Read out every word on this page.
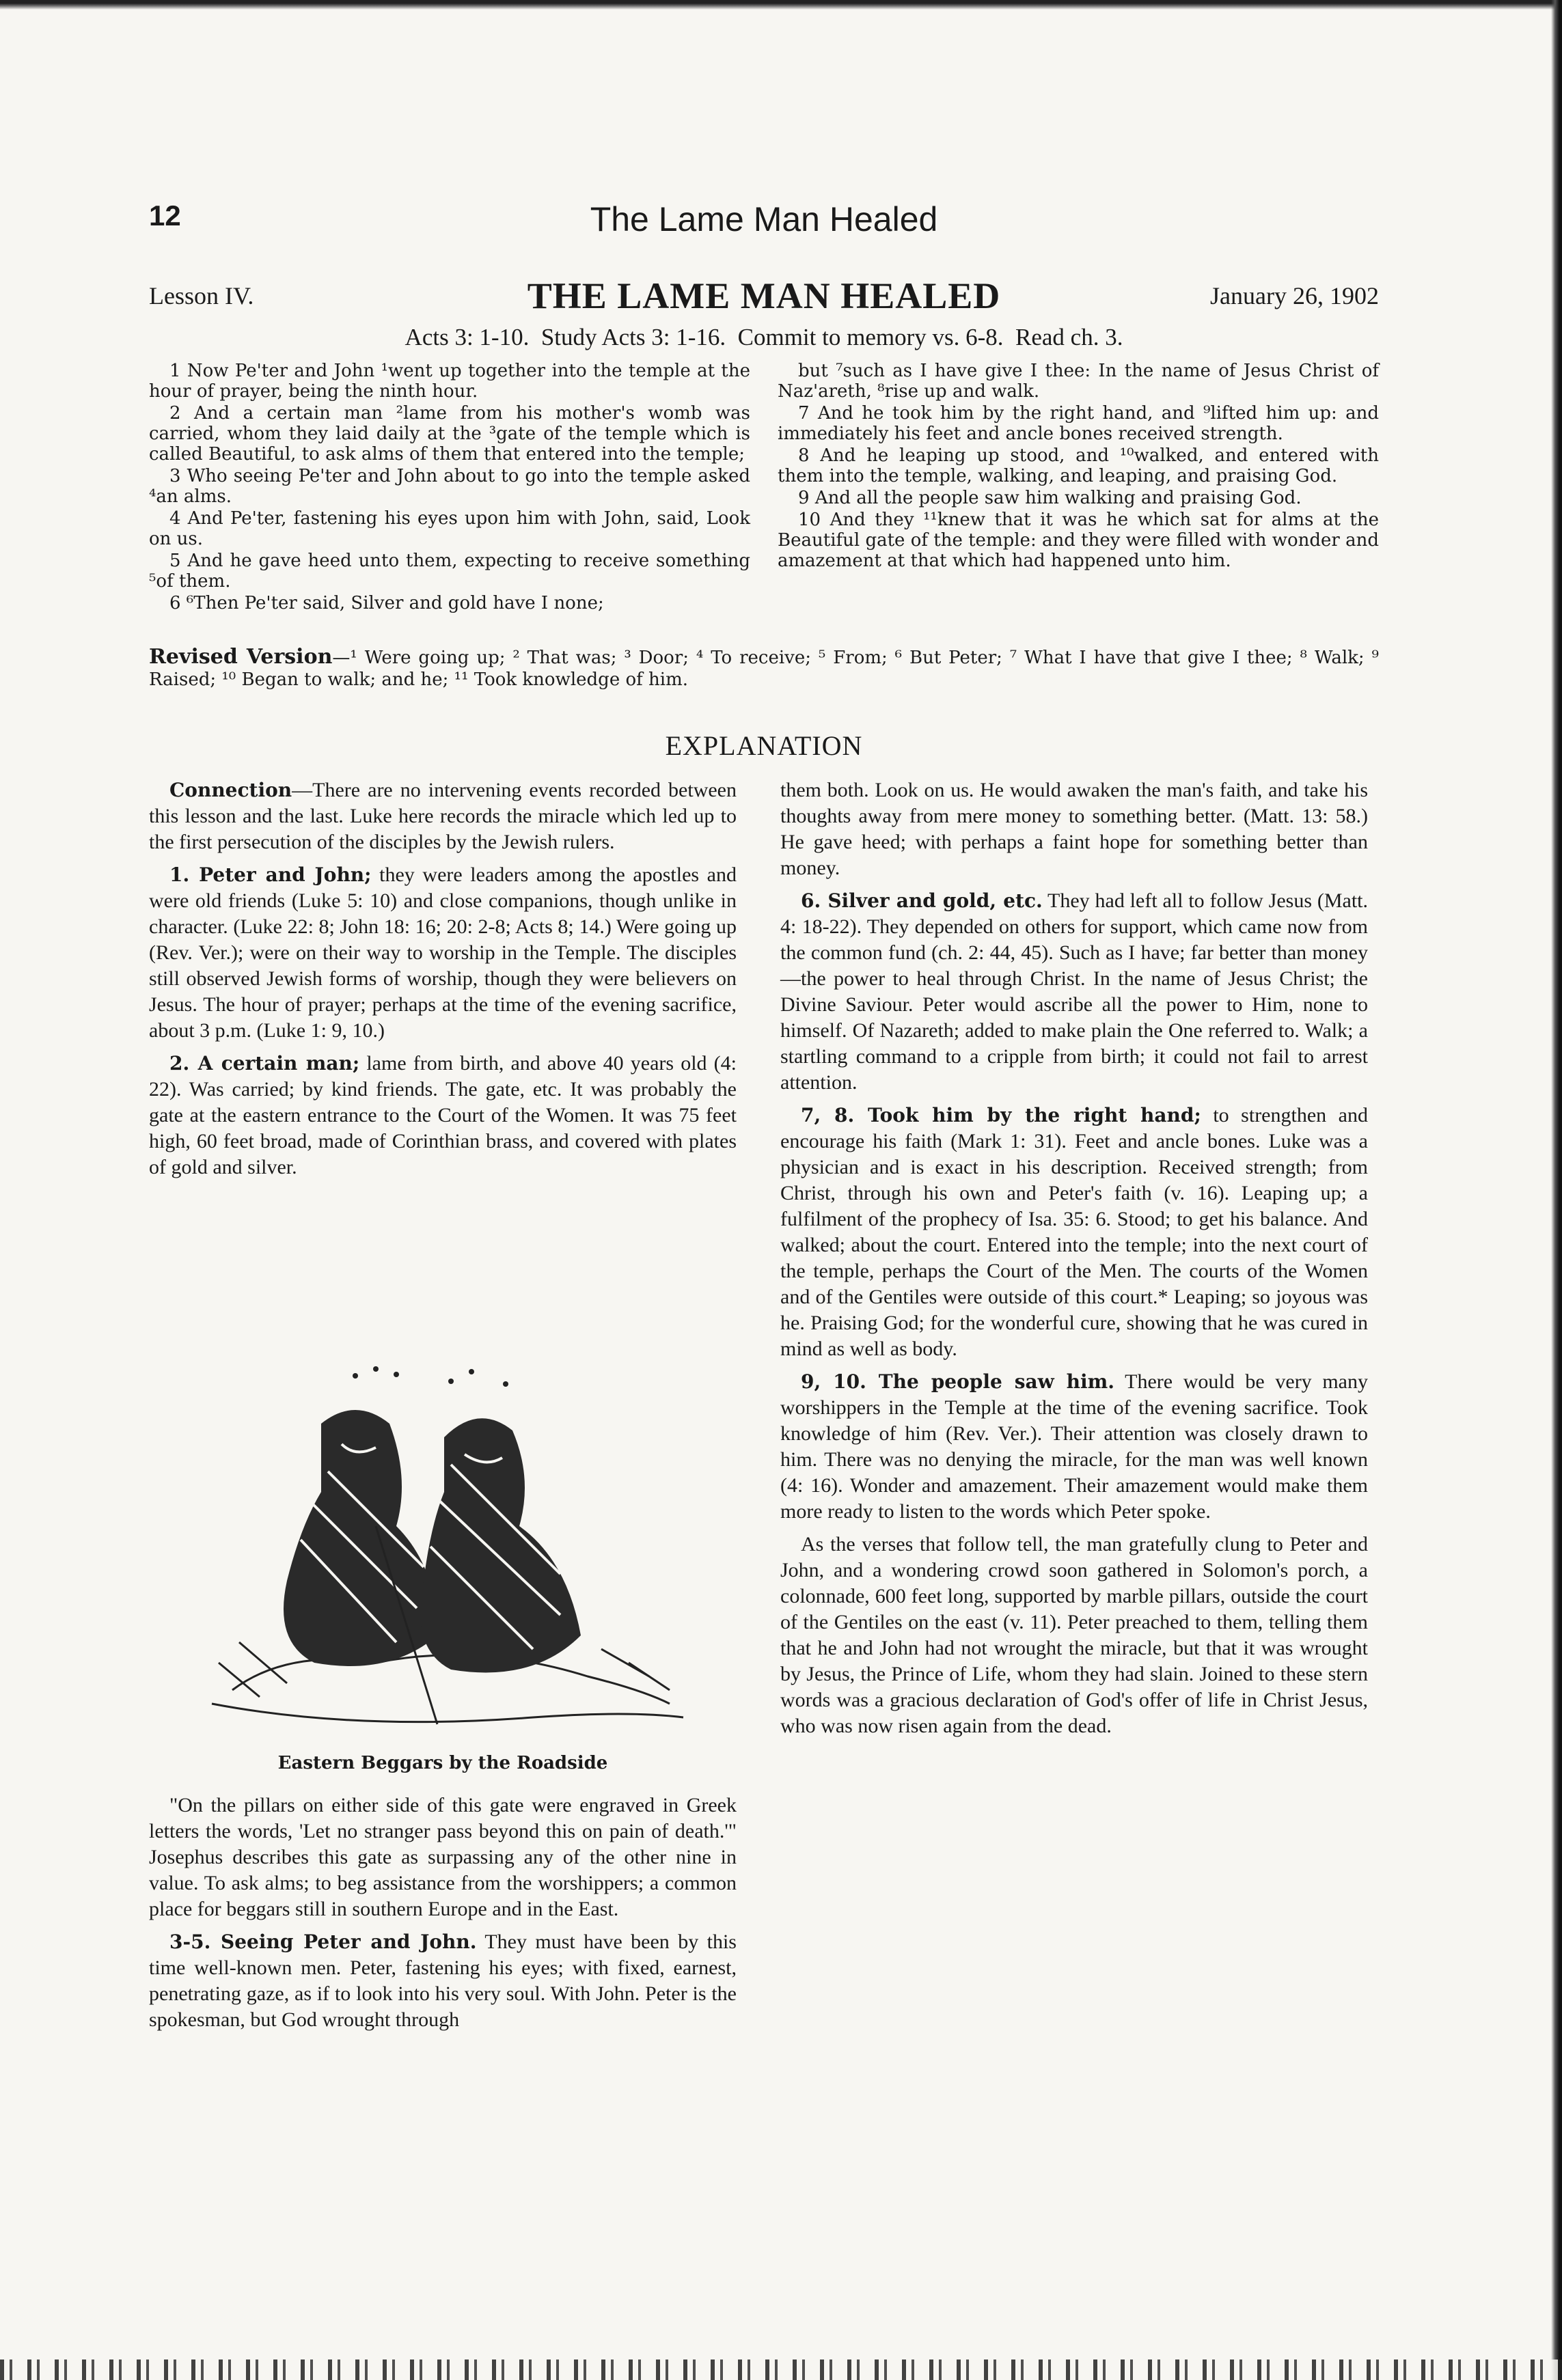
12	The Lame Man Healed
Lesson IV.	THE LAME MAN HEALED	January 26, 1902
Acts 3: 1-10.  Study Acts 3: 1-16.  Commit to memory vs. 6-8.  Read ch. 3.

1 Now Pe'ter and John ¹went up together into the temple at the hour of prayer, being the ninth hour.

2 And a certain man ²lame from his mother's womb was carried, whom they laid daily at the ³gate of the temple which is called Beautiful, to ask alms of them that entered into the temple;

3 Who seeing Pe'ter and John about to go into the temple asked ⁴an alms.

4 And Pe'ter, fastening his eyes upon him with John, said, Look on us.

5 And he gave heed unto them, expecting to receive something ⁵of them.

6 ⁶Then Pe'ter said, Silver and gold have I none;

but ⁷such as I have give I thee: In the name of Jesus Christ of Naz'areth, ⁸rise up and walk.

7 And he took him by the right hand, and ⁹lifted him up: and immediately his feet and ancle bones received strength.

8 And he leaping up stood, and ¹⁰walked, and entered with them into the temple, walking, and leaping, and praising God.

9 And all the people saw him walking and praising God.

10 And they ¹¹knew that it was he which sat for alms at the Beautiful gate of the temple: and they were filled with wonder and amazement at that which had happened unto him.

Revised Version—¹ Were going up; ² That was; ³ Door; ⁴ To receive; ⁵ From; ⁶ But Peter; ⁷ What I have that give I thee; ⁸ Walk; ⁹ Raised; ¹⁰ Began to walk; and he; ¹¹ Took knowledge of him.
EXPLANATION

Connection—There are no intervening events recorded between this lesson and the last. Luke here records the miracle which led up to the first persecution of the disciples by the Jewish rulers.

1. Peter and John; they were leaders among the apostles and were old friends (Luke 5: 10) and close companions, though unlike in character. (Luke 22: 8; John 18: 16; 20: 2-8; Acts 8; 14.) Were going up (Rev. Ver.); were on their way to worship in the Temple. The disciples still observed Jewish forms of worship, though they were believers on Jesus. The hour of prayer; perhaps at the time of the evening sacrifice, about 3 p.m. (Luke 1: 9, 10.)

2. A certain man; lame from birth, and above 40 years old (4: 22). Was carried; by kind friends. The gate, etc. It was probably the gate at the eastern entrance to the Court of the Women. It was 75 feet high, 60 feet broad, made of Corinthian brass, and covered with plates of gold and silver.

Eastern Beggars by the Roadside

"On the pillars on either side of this gate were engraved in Greek letters the words, 'Let no stranger pass beyond this on pain of death.'" Josephus describes this gate as surpassing any of the other nine in value. To ask alms; to beg assistance from the worshippers; a common place for beggars still in southern Europe and in the East.

3-5. Seeing Peter and John. They must have been by this time well-known men. Peter, fastening his eyes; with fixed, earnest, penetrating gaze, as if to look into his very soul. With John. Peter is the spokesman, but God wrought through

them both. Look on us. He would awaken the man's faith, and take his thoughts away from mere money to something better. (Matt. 13: 58.) He gave heed; with perhaps a faint hope for something better than money.

6. Silver and gold, etc. They had left all to follow Jesus (Matt. 4: 18-22). They depended on others for support, which came now from the common fund (ch. 2: 44, 45). Such as I have; far better than money—the power to heal through Christ. In the name of Jesus Christ; the Divine Saviour. Peter would ascribe all the power to Him, none to himself. Of Nazareth; added to make plain the One referred to. Walk; a startling command to a cripple from birth; it could not fail to arrest attention.

7, 8. Took him by the right hand; to strengthen and encourage his faith (Mark 1: 31). Feet and ancle bones. Luke was a physician and is exact in his description. Received strength; from Christ, through his own and Peter's faith (v. 16). Leaping up; a fulfilment of the prophecy of Isa. 35: 6. Stood; to get his balance. And walked; about the court. Entered into the temple; into the next court of the temple, perhaps the Court of the Men. The courts of the Women and of the Gentiles were outside of this court.* Leaping; so joyous was he. Praising God; for the wonderful cure, showing that he was cured in mind as well as body.

9, 10. The people saw him. There would be very many worshippers in the Temple at the time of the evening sacrifice. Took knowledge of him (Rev. Ver.). Their attention was closely drawn to him. There was no denying the miracle, for the man was well known (4: 16). Wonder and amazement. Their amazement would make them more ready to listen to the words which Peter spoke.

As the verses that follow tell, the man gratefully clung to Peter and John, and a wondering crowd soon gathered in Solomon's porch, a colonnade, 600 feet long, supported by marble pillars, outside the court of the Gentiles on the east (v. 11). Peter preached to them, telling them that he and John had not wrought the miracle, but that it was wrought by Jesus, the Prince of Life, whom they had slain. Joined to these stern words was a gracious declaration of God's offer of life in Christ Jesus, who was now risen again from the dead.
